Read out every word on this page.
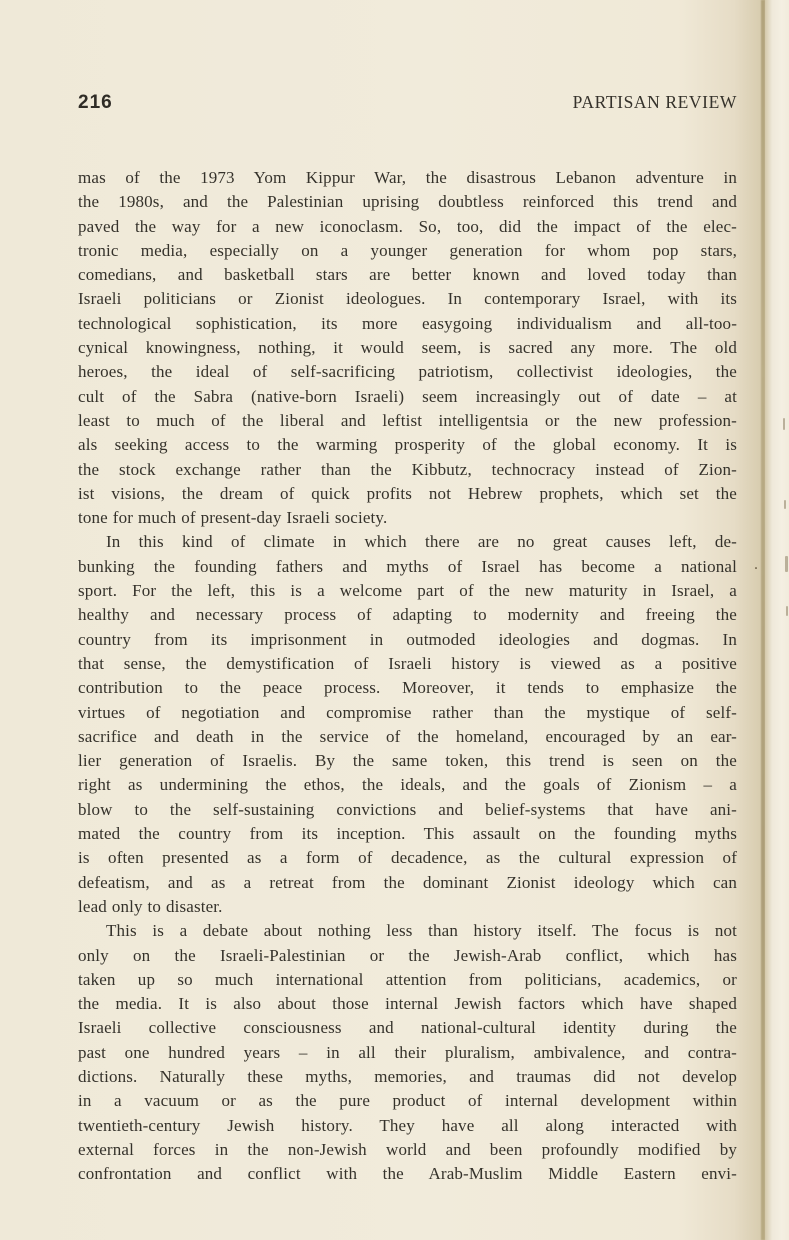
216	PARTISAN REVIEW
mas of the 1973 Yom Kippur War, the disastrous Lebanon adventure in
the 1980s, and the Palestinian uprising doubtless reinforced this trend and
paved the way for a new iconoclasm. So, too, did the impact of the elec-
tronic media, especially on a younger generation for whom pop stars,
comedians, and basketball stars are better known and loved today than
Israeli politicians or Zionist ideologues. In contemporary Israel, with its
technological sophistication, its more easygoing individualism and all-too-
cynical knowingness, nothing, it would seem, is sacred any more. The old
heroes, the ideal of self-sacrificing patriotism, collectivist ideologies, the
cult of the Sabra (native-born Israeli) seem increasingly out of date – at
least to much of the liberal and leftist intelligentsia or the new profession-
als seeking access to the warming prosperity of the global economy. It is
the stock exchange rather than the Kibbutz, technocracy instead of Zion-
ist visions, the dream of quick profits not Hebrew prophets, which set the
tone for much of present-day Israeli society.
In this kind of climate in which there are no great causes left, de-
bunking the founding fathers and myths of Israel has become a national
sport. For the left, this is a welcome part of the new maturity in Israel, a
healthy and necessary process of adapting to modernity and freeing the
country from its imprisonment in outmoded ideologies and dogmas. In
that sense, the demystification of Israeli history is viewed as a positive
contribution to the peace process. Moreover, it tends to emphasize the
virtues of negotiation and compromise rather than the mystique of self-
sacrifice and death in the service of the homeland, encouraged by an ear-
lier generation of Israelis. By the same token, this trend is seen on the
right as undermining the ethos, the ideals, and the goals of Zionism – a
blow to the self-sustaining convictions and belief-systems that have ani-
mated the country from its inception. This assault on the founding myths
is often presented as a form of decadence, as the cultural expression of
defeatism, and as a retreat from the dominant Zionist ideology which can
lead only to disaster.
This is a debate about nothing less than history itself. The focus is not
only on the Israeli-Palestinian or the Jewish-Arab conflict, which has
taken up so much international attention from politicians, academics, or
the media. It is also about those internal Jewish factors which have shaped
Israeli collective consciousness and national-cultural identity during the
past one hundred years – in all their pluralism, ambivalence, and contra-
dictions. Naturally these myths, memories, and traumas did not develop
in a vacuum or as the pure product of internal development within
twentieth-century Jewish history. They have all along interacted with
external forces in the non-Jewish world and been profoundly modified by
confrontation and conflict with the Arab-Muslim Middle Eastern envi-
.
